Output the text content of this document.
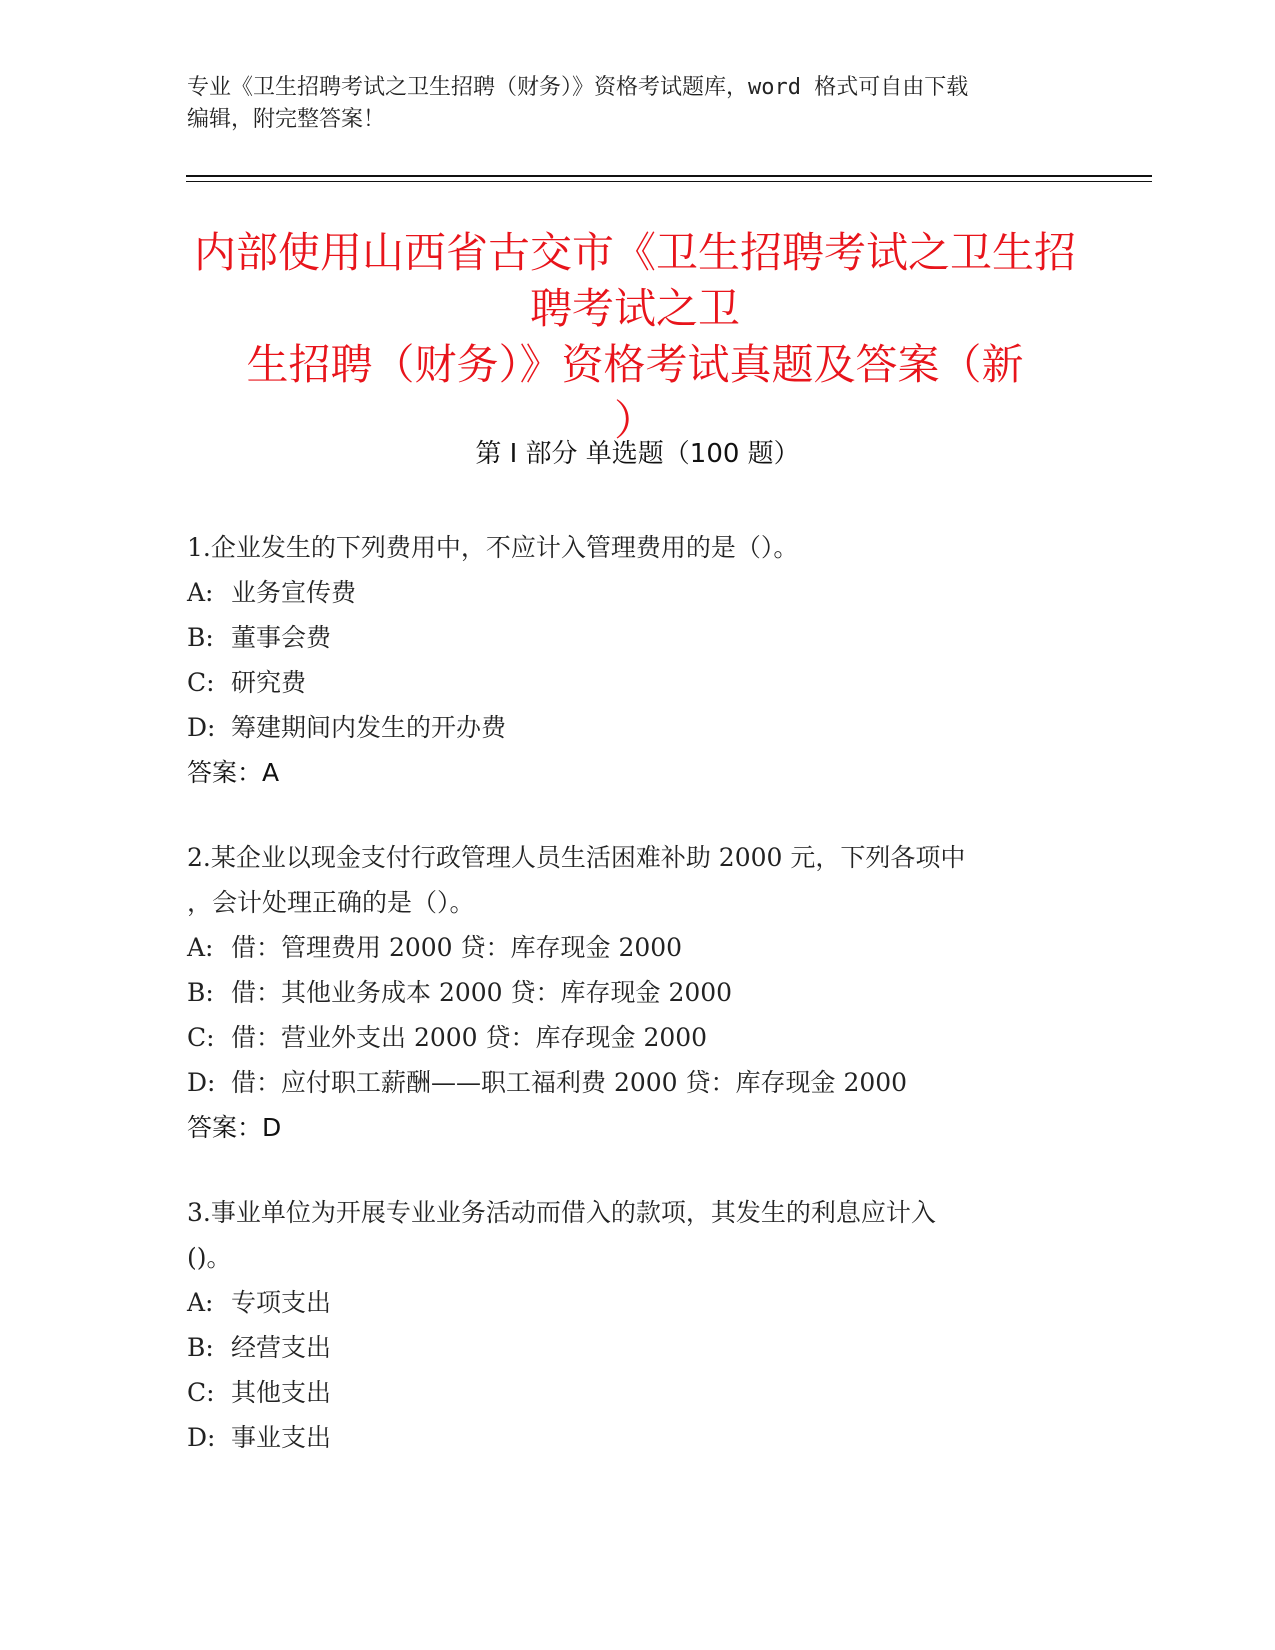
专业《卫生招聘考试之卫生招聘（财务）》资格考试题库，word 格式可自由下载
编辑，附完整答案！
内部使用山西省古交市《卫生招聘考试之卫生招聘考试之卫
生招聘（财务）》资格考试真题及答案（新
）
第 I 部分 单选题（100 题）
1.企业发生的下列费用中，不应计入管理费用的是（）。
A: 业务宣传费
B: 董事会费
C: 研究费
D: 筹建期间内发生的开办费
答案：A
2.某企业以现金支付行政管理人员生活困难补助 2000 元，下列各项中
，会计处理正确的是（）。
A: 借：管理费用 2000 贷：库存现金 2000
B: 借：其他业务成本 2000 贷：库存现金 2000
C: 借：营业外支出 2000 贷：库存现金 2000
D: 借：应付职工薪酬——职工福利费 2000 贷：库存现金 2000
答案：D
3.事业单位为开展专业业务活动而借入的款项，其发生的利息应计入
()。
A: 专项支出
B: 经营支出
C: 其他支出
D: 事业支出
